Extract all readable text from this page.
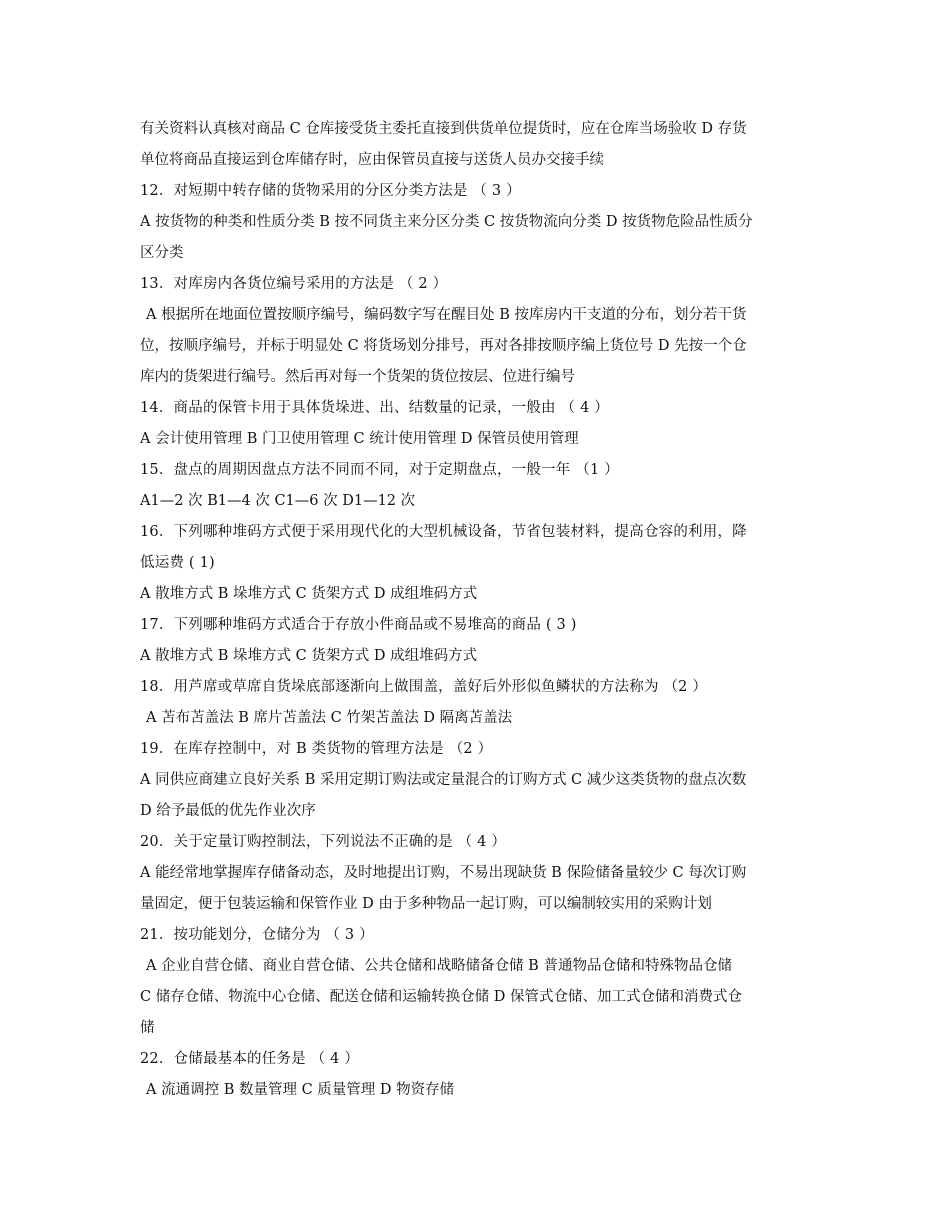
有关资料认真核对商品 C 仓库接受货主委托直接到供货单位提货时，应在仓库当场验收 D 存货
单位将商品直接运到仓库储存时，应由保管员直接与送货人员办交接手续
12．对短期中转存储的货物采用的分区分类方法是 （ 3 ）
A 按货物的种类和性质分类 B 按不同货主来分区分类 C 按货物流向分类 D 按货物危险品性质分
区分类
13．对库房内各货位编号采用的方法是 （ 2 ）
A 根据所在地面位置按顺序编号，编码数字写在醒目处 B 按库房内干支道的分布，划分若干货
位，按顺序编号，并标于明显处 C 将货场划分排号，再对各排按顺序编上货位号 D 先按一个仓
库内的货架进行编号。然后再对每一个货架的货位按层、位进行编号
14．商品的保管卡用于具体货垛进、出、结数量的记录，一般由 （ 4 ）
A 会计使用管理 B 门卫使用管理 C 统计使用管理 D 保管员使用管理
15．盘点的周期因盘点方法不同而不同，对于定期盘点，一般一年 （1 ）
A1—2 次 B1—4 次 C1—6 次 D1—12 次
16．下列哪种堆码方式便于采用现代化的大型机械设备，节省包装材料，提高仓容的利用，降
低运费 ( 1)
A 散堆方式 B 垛堆方式 C 货架方式 D 成组堆码方式
17．下列哪种堆码方式适合于存放小件商品或不易堆高的商品 ( 3 )
A 散堆方式 B 垛堆方式 C 货架方式 D 成组堆码方式
18．用芦席或草席自货垛底部逐渐向上做围盖，盖好后外形似鱼鳞状的方法称为 （2 ）
A 苫布苫盖法 B 席片苫盖法 C 竹架苫盖法 D 隔离苫盖法
19．在库存控制中，对 B 类货物的管理方法是 （2 ）
A 同供应商建立良好关系 B 采用定期订购法或定量混合的订购方式 C 减少这类货物的盘点次数
D 给予最低的优先作业次序
20．关于定量订购控制法，下列说法不正确的是 （ 4 ）
A 能经常地掌握库存储备动态，及时地提出订购，不易出现缺货 B 保险储备量较少 C 每次订购
量固定，便于包装运输和保管作业 D 由于多种物品一起订购，可以编制较实用的采购计划
21．按功能划分，仓储分为 （ 3 ）
A 企业自营仓储、商业自营仓储、公共仓储和战略储备仓储 B 普通物品仓储和特殊物品仓储
C 储存仓储、物流中心仓储、配送仓储和运输转换仓储 D 保管式仓储、加工式仓储和消费式仓
储
22．仓储最基本的任务是 （ 4 ）
A 流通调控 B 数量管理 C 质量管理 D 物资存储
